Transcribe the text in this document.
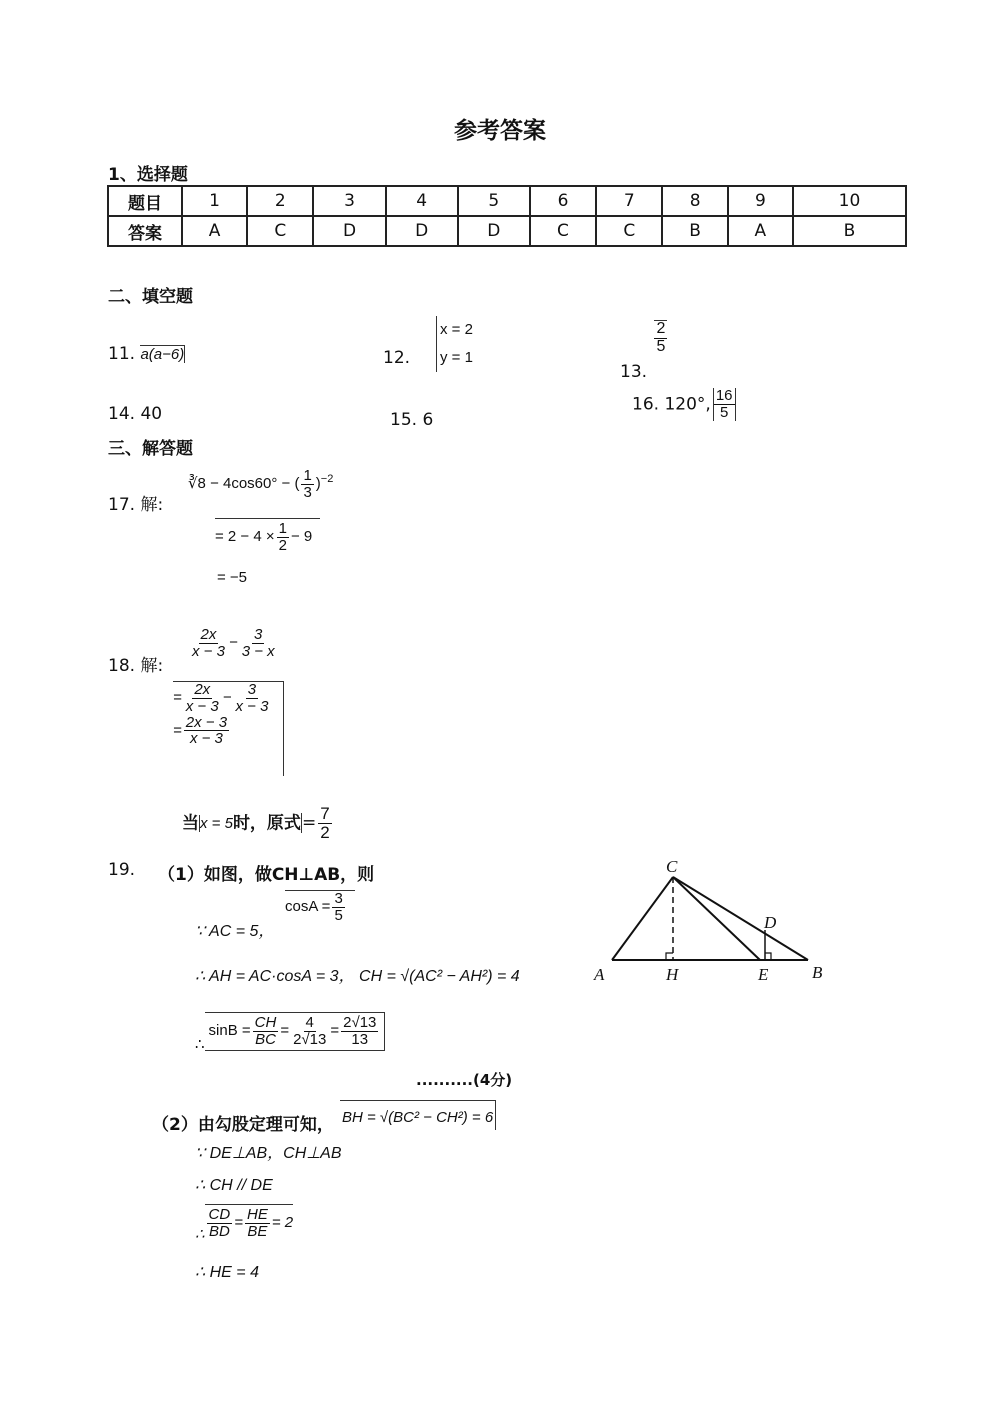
参考答案
1、选择题
题目	1	2	3	4	5	6	7	8	9	10
答案	A	C	D	D	D	C	C	B	A	B
二、填空题
11. a(a−6)	12.
x = 2
y = 1
13.
$\frac{2}{5}$
14. 40	15. 6
16. 120°, $\frac{16}{5}$
三、解答题
17. 解:
∛8 − 4cos60° − ( $\frac{1}{3} )^{-2}$
= $2 - 4 \times \frac{1}{2} - 9$
= −5
18. 解:
$\frac{2x}{x - 3} - \frac{3}{3 - x}$
= $\frac{2x}{x - 3} - \frac{3}{x - 3}$
= $\frac{2x - 3}{x - 3}$
当x = 5时，原式= $\frac{7}{2}$
19. （1）如图，做CH⊥AB，则
∵ AC = 5，
$\cos A = \frac{3}{5}$
∴ AH = AC·cosA = 3， CH = √(AC² − AH²) = 4
∴sinB = $\frac{CH}{BC} = \frac{4}{2√13} = \frac{2√13}{13}$
..........(4分)
（2）由勾股定理可知， BH = √(BC² − CH²) = 6
∵ DE⊥AB，CH⊥AB
∴ CH // DE
∴ $\frac{CD}{BD} = \frac{HE}{BE} = 2$
∴ HE = 4
C
D
A	H	E	B
